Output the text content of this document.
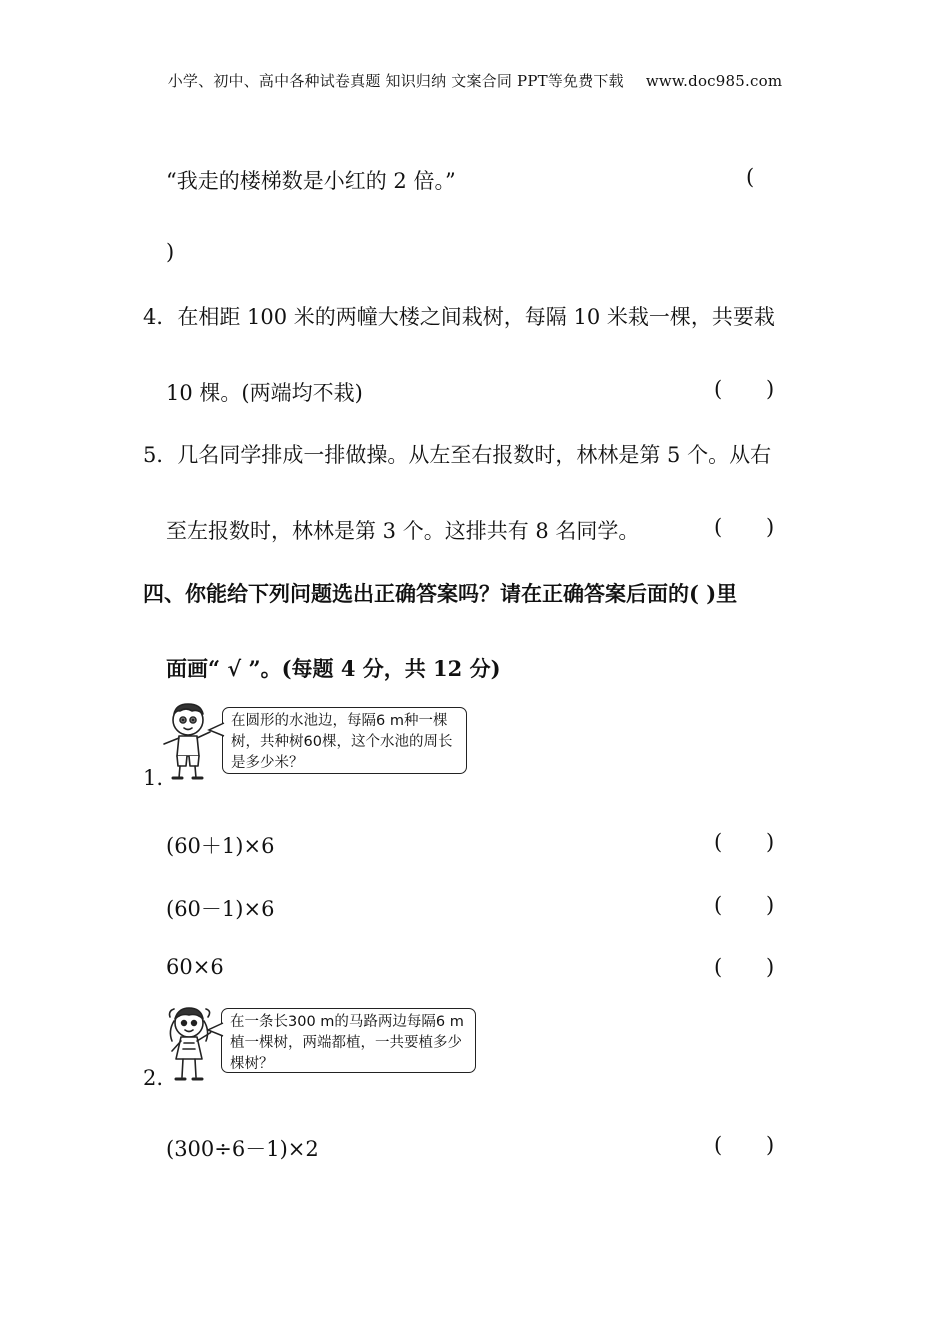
小学、初中、高中各种试卷真题 知识归纳 文案合同 PPT等免费下载 www.doc985.com
“我走的楼梯数是小红的 2 倍。”	(
)
4．在相距 100 米的两幢大楼之间栽树，每隔 10 米栽一棵，共要栽
10 棵。(两端均不栽)	( )
5．几名同学排成一排做操。从左至右报数时，林林是第 5 个。从右
至左报数时，林林是第 3 个。这排共有 8 名同学。	( )
四、你能给下列问题选出正确答案吗？请在正确答案后面的( )里
面画“ √ ”。(每题 4 分，共 12 分)
1.
在圆形的水池边，每隔6 m种一棵树，共种树60棵，这个水池的周长是多少米？
(60＋1)×6	( )
(60－1)×6	( )
60×6	( )
2.
在一条长300 m的马路两边每隔6 m植一棵树，两端都植，一共要植多少棵树？
(300÷6－1)×2	( )
